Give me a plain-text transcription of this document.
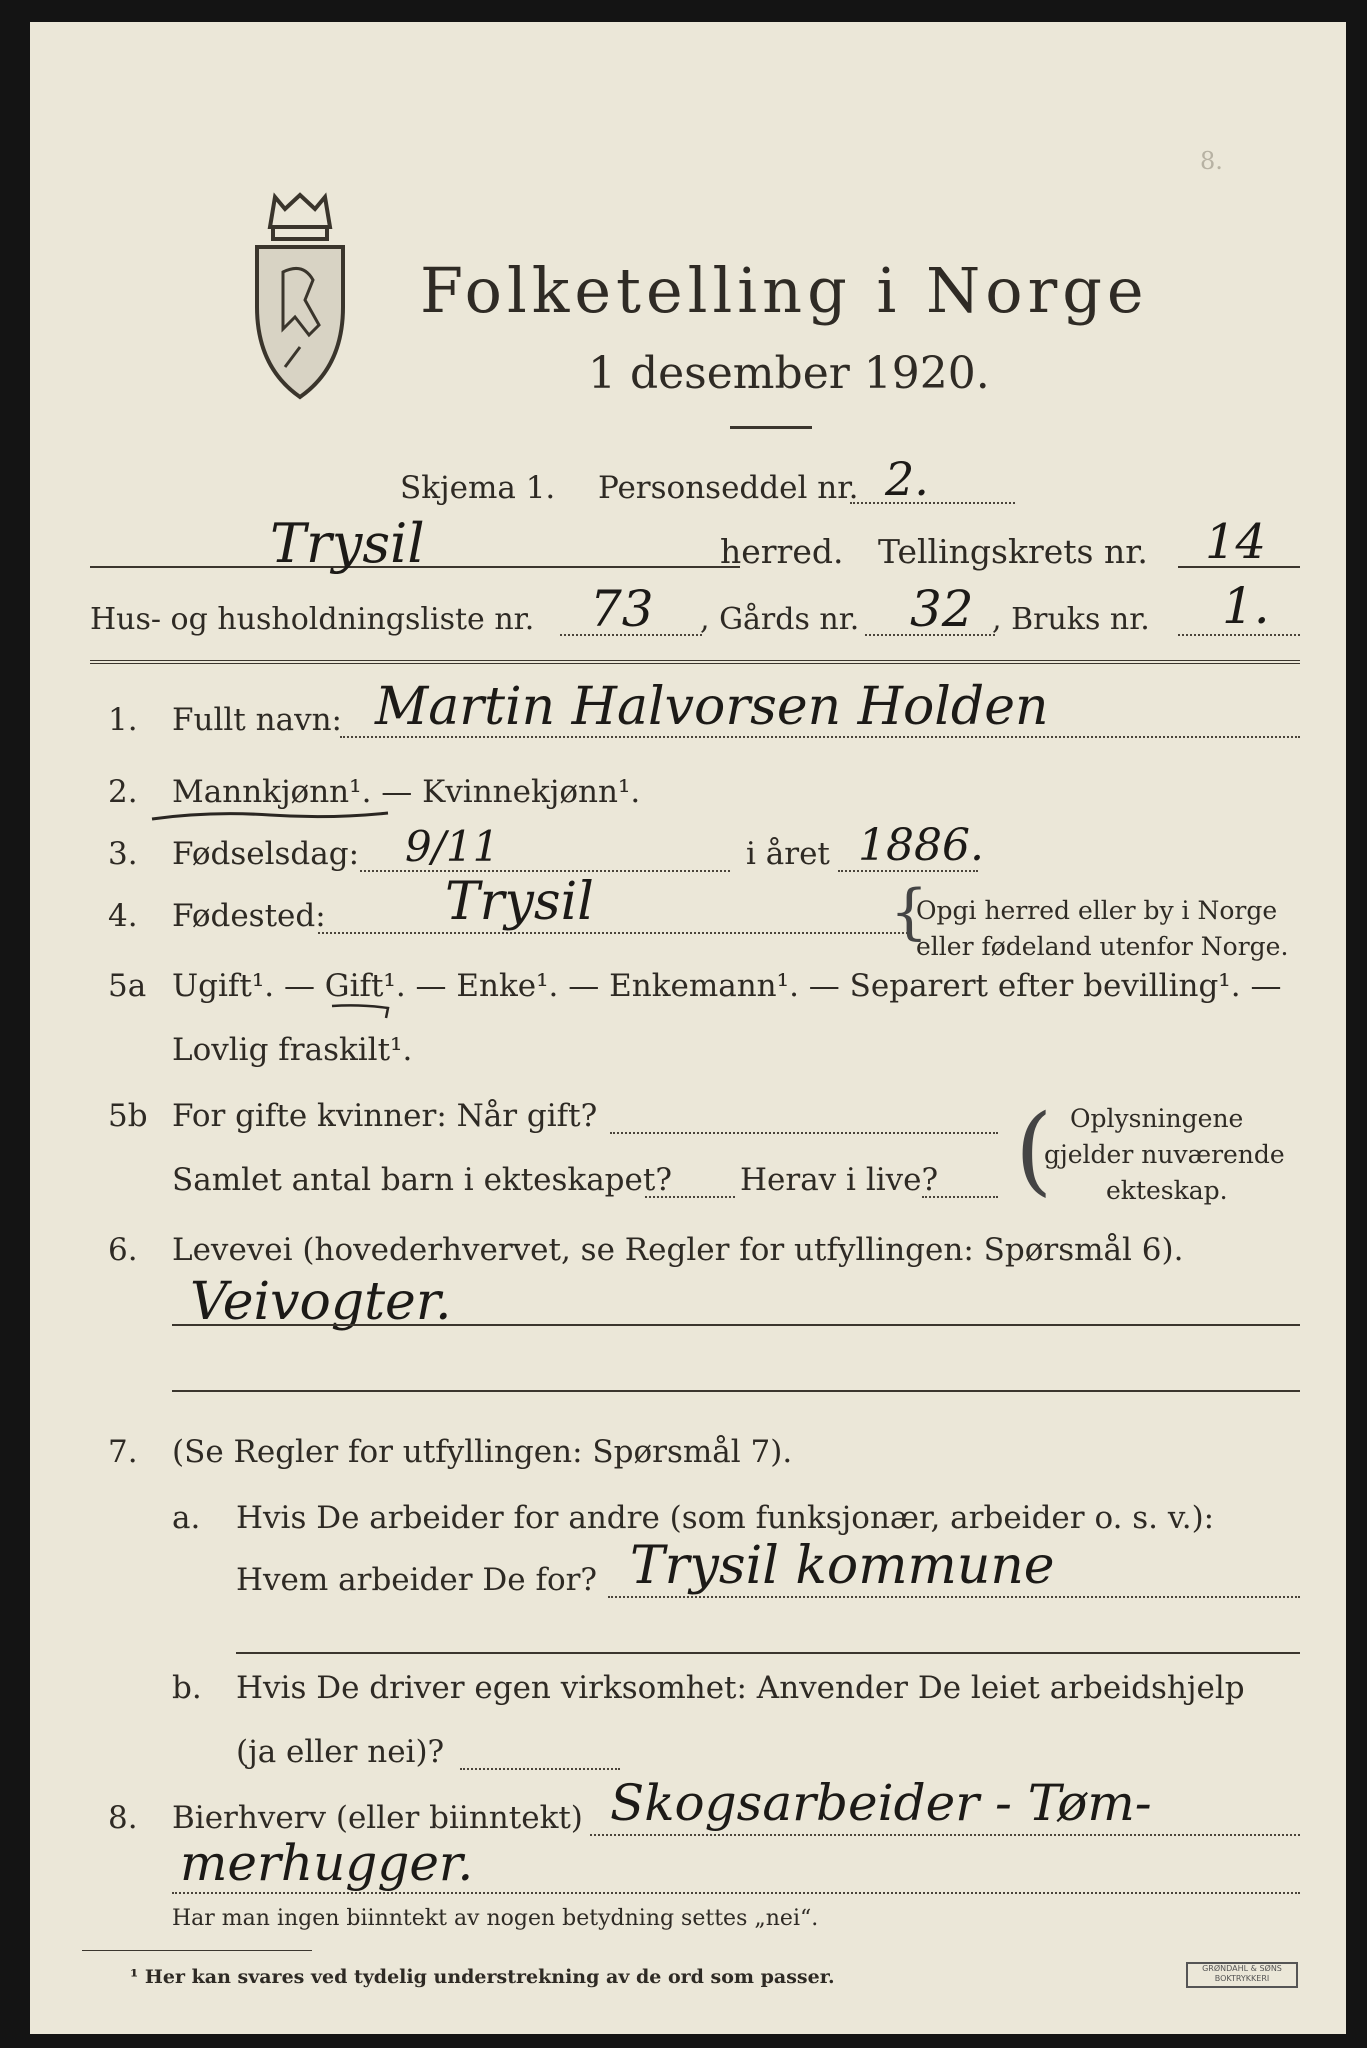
8.
Folketelling i Norge
1 desember 1920.
Skjema 1. Personseddel nr. 2.
Trysil	herred. Tellingskrets nr. 14
Hus- og husholdningsliste nr. 73 , Gårds nr. 32 , Bruks nr. 1.
1. Fullt navn: Martin Halvorsen Holden
2. Mannkjønn¹. — Kvinnekjønn¹.
3. Fødselsdag: 9/11	i året 1886.
4. Fødested: Trysil	{
Opgi herred eller by i Norge
eller fødeland utenfor Norge.
5a Ugift¹. — Gift¹. — Enke¹. — Enkemann¹. — Separert efter bevilling¹. —
Lovlig fraskilt¹.
5b For gifte kvinner: Når gift?
Samlet antal barn i ekteskapet? Herav i live? ( Oplysningene
gjelder nuværende
ekteskap.
6. Levevei (hovederhvervet, se Regler for utfyllingen: Spørsmål 6).
Veivogter.
7. (Se Regler for utfyllingen: Spørsmål 7).
a. Hvis De arbeider for andre (som funksjonær, arbeider o. s. v.):
Hvem arbeider De for? Trysil kommune
b. Hvis De driver egen virksomhet: Anvender De leiet arbeidshjelp
(ja eller nei)?
8. Bierhverv (eller biinntekt) Skogsarbeider - Tøm-
merhugger.
Har man ingen biinntekt av nogen betydning settes „nei“.
¹ Her kan svares ved tydelig understrekning av de ord som passer.	GRØNDAHL & SØNS BOKTRYKKERI
